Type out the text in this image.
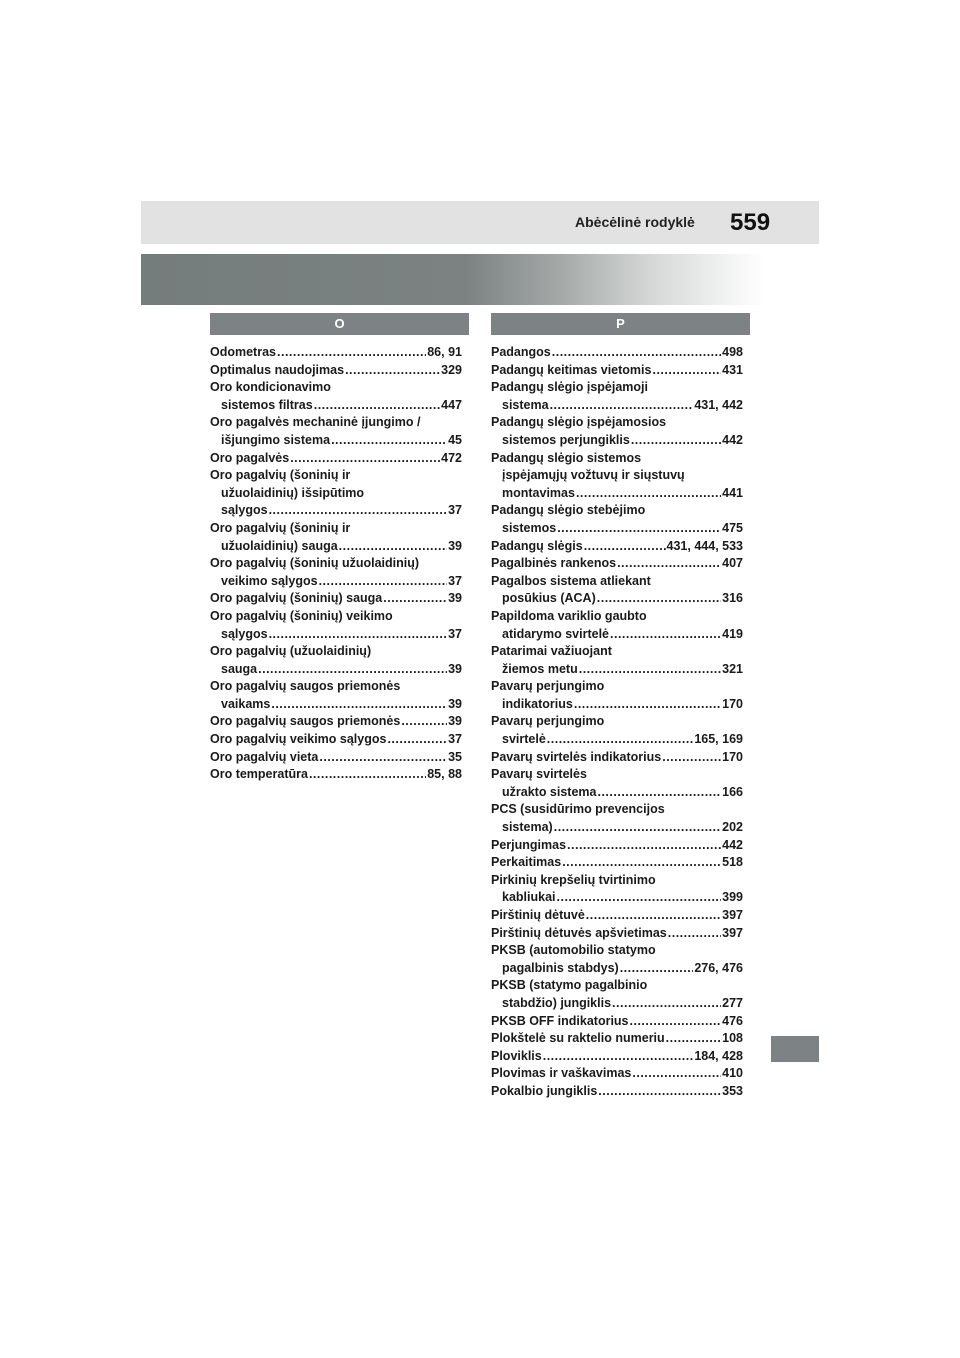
Abėcėlinė rodyklė 559
O	P
Odometras .....	86, 91
Optimalus naudojimas .....	329
Oro kondicionavimo
sistemos filtras .....	447
Oro pagalvės mechaninė įjungimo /
išjungimo sistema .....	45
Oro pagalvės .....	472
Oro pagalvių (šoninių ir
užuolaidinių) išsipūtimo
sąlygos .....	37
Oro pagalvių (šoninių ir
užuolaidinių) sauga .....	39
Oro pagalvių (šoninių užuolaidinių)
veikimo sąlygos .....	37
Oro pagalvių (šoninių) sauga .....	39
Oro pagalvių (šoninių) veikimo
sąlygos .....	37
Oro pagalvių (užuolaidinių)
sauga .....	39
Oro pagalvių saugos priemonės
vaikams .....	39
Oro pagalvių saugos priemonės .....	39
Oro pagalvių veikimo sąlygos .....	37
Oro pagalvių vieta .....	35
Oro temperatūra .....	85, 88
Padangos .....	498
Padangų keitimas vietomis .....	431
Padangų slėgio įspėjamoji
sistema .....	431, 442
Padangų slėgio įspėjamosios
sistemos perjungiklis .....	442
Padangų slėgio sistemos
įspėjamųjų vožtuvų ir siųstuvų
montavimas .....	441
Padangų slėgio stebėjimo
sistemos .....	475
Padangų slėgis .....	431, 444, 533
Pagalbinės rankenos .....	407
Pagalbos sistema atliekant
posūkius (ACA) .....	316
Papildoma variklio gaubto
atidarymo svirtelė .....	419
Patarimai važiuojant
žiemos metu .....	321
Pavarų perjungimo
indikatorius .....	170
Pavarų perjungimo
svirtelė .....	165, 169
Pavarų svirtelės indikatorius .....	170
Pavarų svirtelės
užrakto sistema .....	166
PCS (susidūrimo prevencijos
sistema) .....	202
Perjungimas .....	442
Perkaitimas .....	518
Pirkinių krepšelių tvirtinimo
kabliukai .....	399
Pirštinių dėtuvė .....	397
Pirštinių dėtuvės apšvietimas .....	397
PKSB (automobilio statymo
pagalbinis stabdys) .....	276, 476
PKSB (statymo pagalbinio
stabdžio) jungiklis .....	277
PKSB OFF indikatorius .....	476
Plokštelė su raktelio numeriu .....	108
Ploviklis .....	184, 428
Plovimas ir vaškavimas .....	410
Pokalbio jungiklis .....	353
